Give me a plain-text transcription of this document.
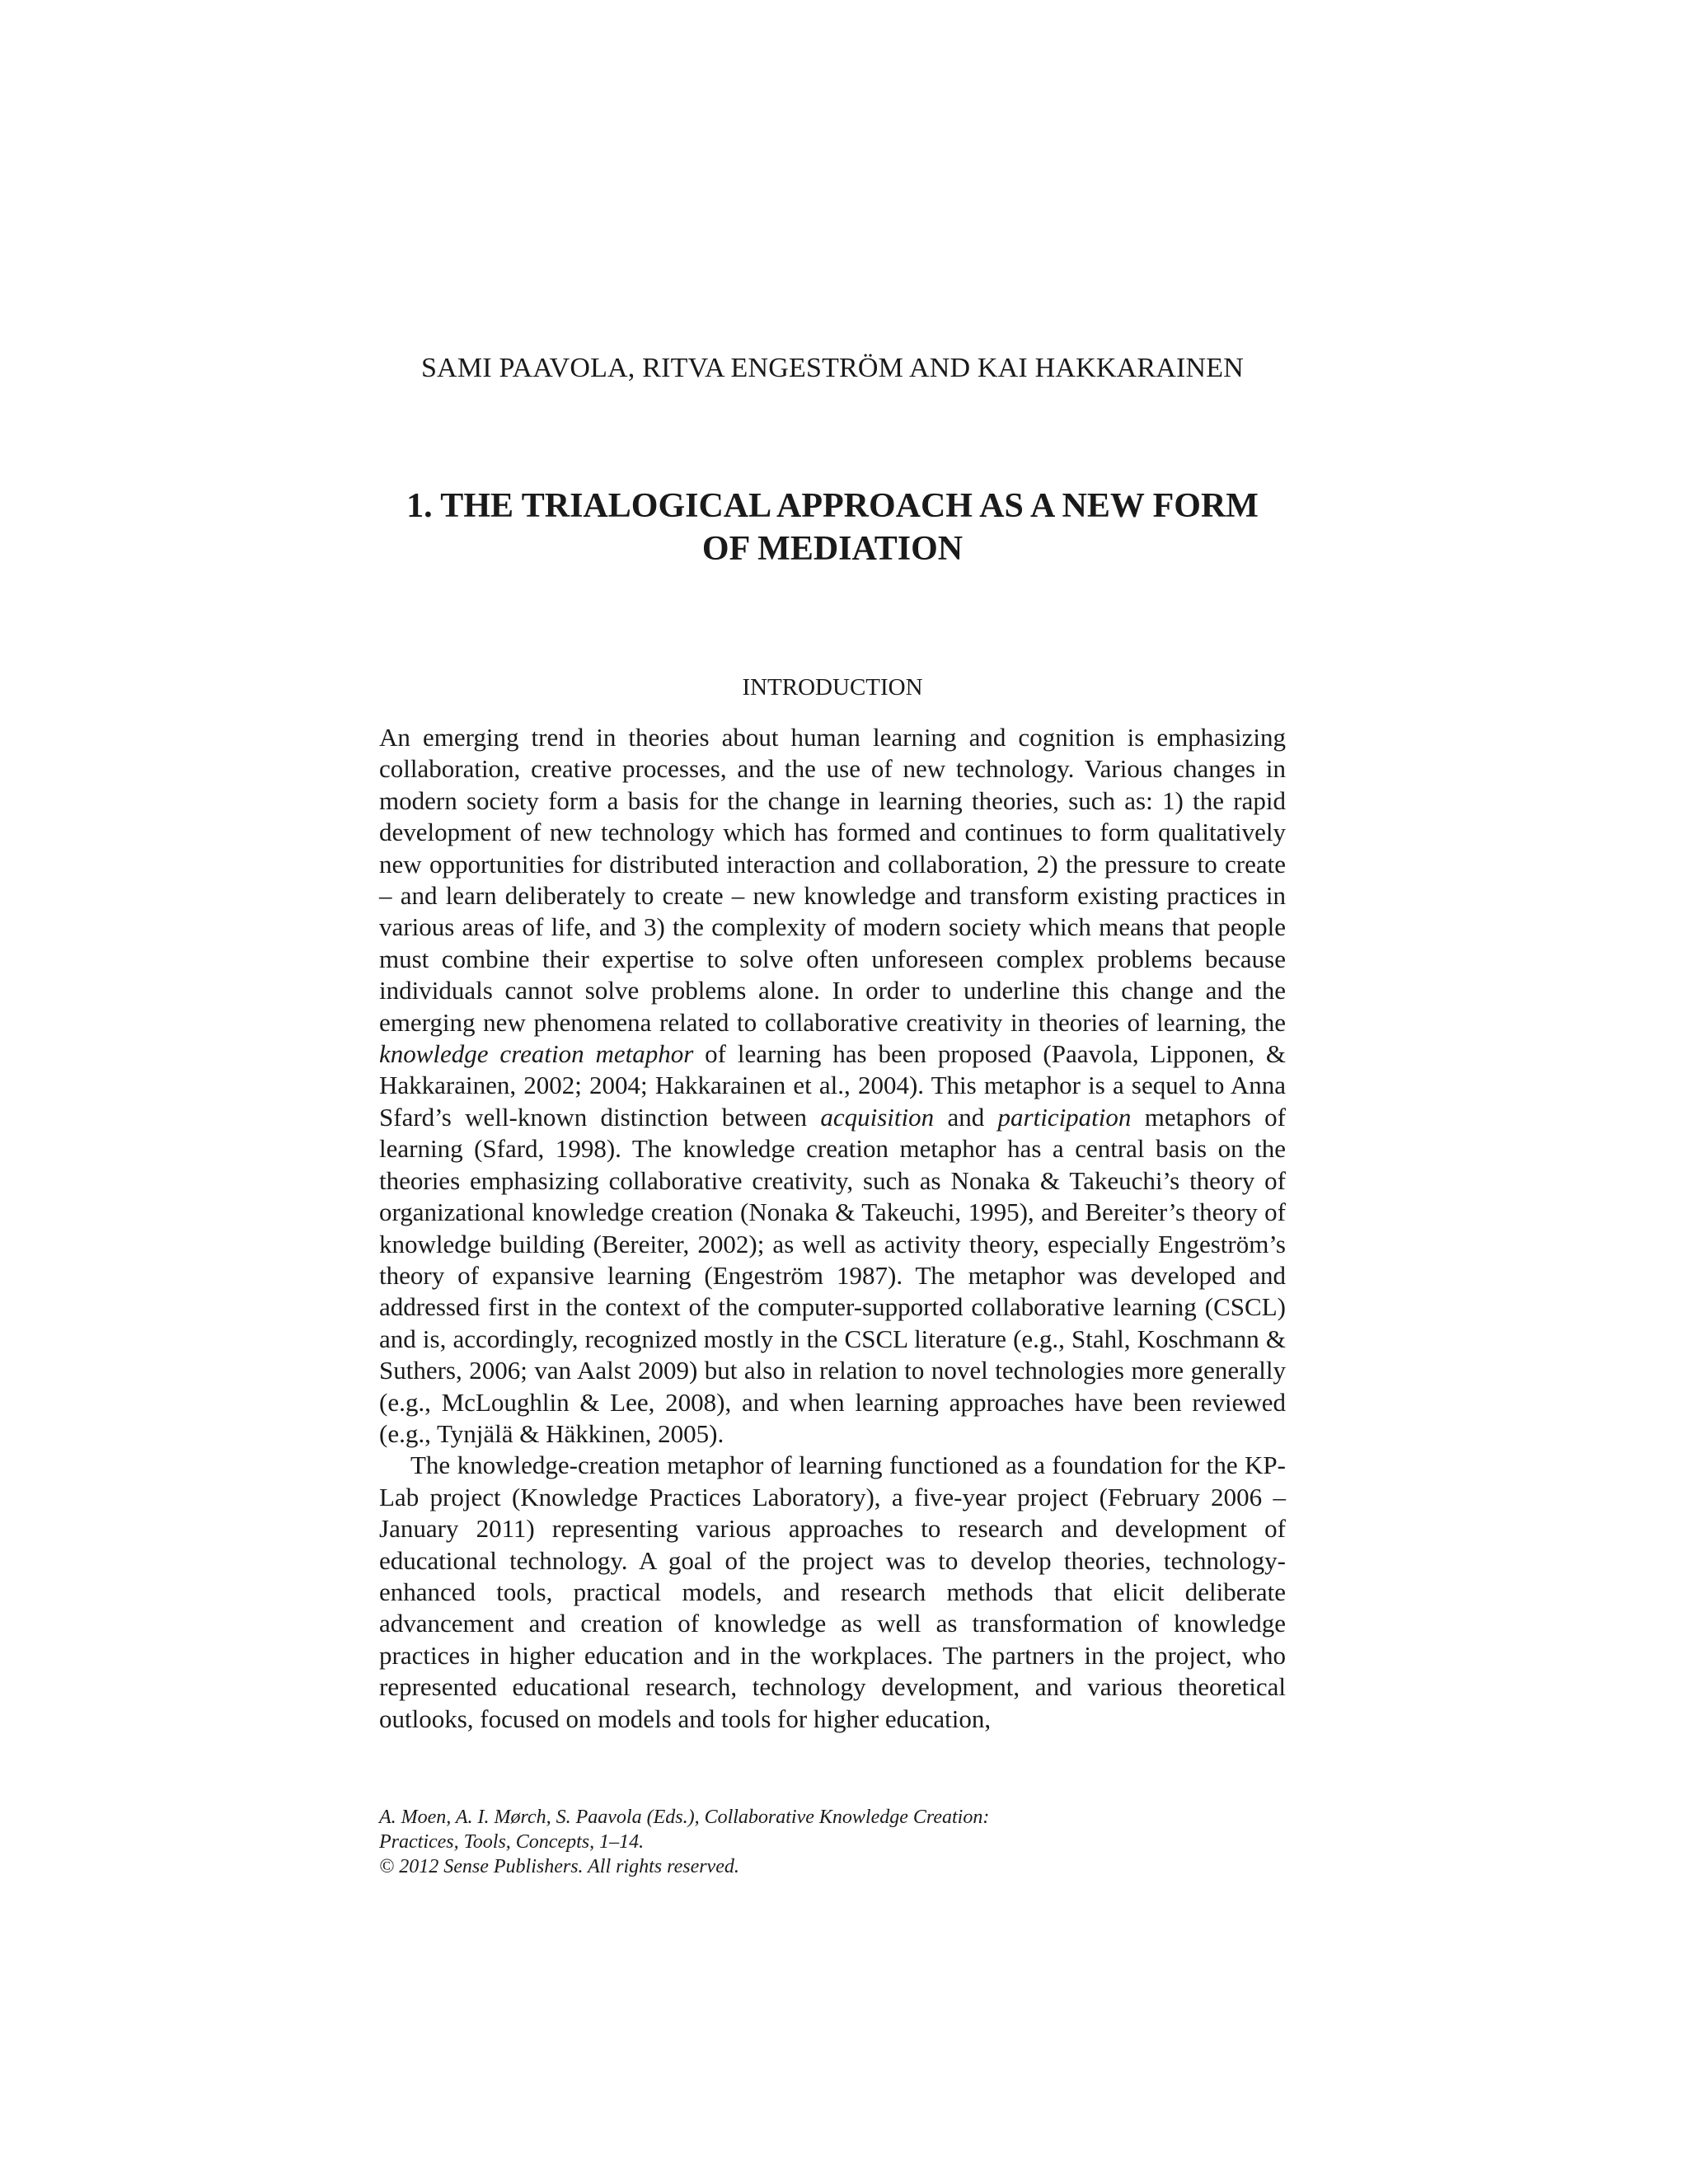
SAMI PAAVOLA, RITVA ENGESTRÖM AND KAI HAKKARAINEN
1. THE TRIALOGICAL APPROACH AS A NEW FORM
OF MEDIATION
INTRODUCTION

An emerging trend in theories about human learning and cognition is emphasizing collaboration, creative processes, and the use of new technology. Various changes in modern society form a basis for the change in learning theories, such as: 1) the rapid development of new technology which has formed and continues to form qualitatively new opportunities for distributed interaction and collaboration, 2) the pressure to create – and learn deliberately to create – new knowledge and transform existing practices in various areas of life, and 3) the complexity of modern society which means that people must combine their expertise to solve often unforeseen complex problems because individuals cannot solve problems alone. In order to underline this change and the emerging new phenomena related to collaborative creativity in theories of learning, the knowledge creation metaphor of learning has been proposed (Paavola, Lipponen, & Hakkarainen, 2002; 2004; Hakkarainen et al., 2004). This metaphor is a sequel to Anna Sfard’s well-known distinction between acquisition and participation metaphors of learning (Sfard, 1998). The knowledge creation metaphor has a central basis on the theories emphasizing collaborative creativity, such as Nonaka & Takeuchi’s theory of organizational knowledge creation (Nonaka & Takeuchi, 1995), and Bereiter’s theory of knowledge building (Bereiter, 2002); as well as activity theory, especially Engeström’s theory of expansive learning (Engeström 1987). The metaphor was developed and addressed first in the context of the computer-supported collaborative learning (CSCL) and is, accordingly, recognized mostly in the CSCL literature (e.g., Stahl, Koschmann & Suthers, 2006; van Aalst 2009) but also in relation to novel technologies more generally (e.g., McLoughlin & Lee, 2008), and when learning approaches have been reviewed (e.g., Tynjälä & Häkkinen, 2005).

The knowledge-creation metaphor of learning functioned as a foundation for the KP-Lab project (Knowledge Practices Laboratory), a five-year project (February 2006 – January 2011) representing various approaches to research and development of educational technology. A goal of the project was to develop theories, technology-enhanced tools, practical models, and research methods that elicit deliberate advancement and creation of knowledge as well as transformation of knowledge practices in higher education and in the workplaces. The partners in the project, who represented educational research, technology development, and various theoretical outlooks, focused on models and tools for higher education,

A. Moen, A. I. Mørch, S. Paavola (Eds.), Collaborative Knowledge Creation:
Practices, Tools, Concepts, 1–14.
© 2012 Sense Publishers. All rights reserved.
